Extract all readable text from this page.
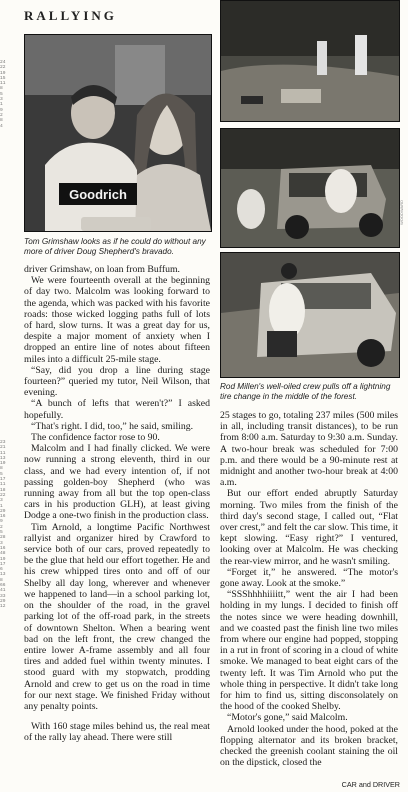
RALLYING
24
22
19
15
11
8
5
3
1
9
2
8
4
Goodrich
WOODWARD

Tom Grimshaw looks as if he could do without any more of driver Doug Shepherd's bravado.

Rod Millen's well-oiled crew pulls off a lightning tire change in the middle of the forest.

23
21
11
13
10
8
5
17
11
18
22
3
1
29
16
9
2
5
28
3
16
48
19
17
6
13
8
66
41
33
29
12

driver Grimshaw, on loan from Buffum.

We were fourteenth overall at the beginning of day two. Malcolm was looking forward to the agenda, which was packed with his favorite roads: those wicked logging paths full of lots of hard, slow turns. It was a great day for us, despite a major moment of anxiety when I dropped an entire line of notes about fifteen miles into a difficult 25-mile stage.

“Say, did you drop a line during stage fourteen?” queried my tutor, Neil Wilson, that evening.

“A bunch of lefts that weren't?” I asked hopefully.

“That's right. I did, too,” he said, smiling.

The confidence factor rose to 90.

Malcolm and I had finally clicked. We were now running a strong eleventh, third in our class, and we had every intention of, if not passing golden-boy Shepherd (who was running away from all but the top open-class cars in his production GLH), at least giving Dodge a one-two finish in the production class.

Tim Arnold, a longtime Pacific Northwest rallyist and organizer hired by Crawford to service both of our cars, proved repeatedly to be the glue that held our effort together. He and his crew whipped tires onto and off of our Shelby all day long, wherever and whenever we happened to land—in a school parking lot, on the shoulder of the road, in the gravel parking lot of the off-road park, in the streets of downtown Shelton. When a bearing went bad on the left front, the crew changed the entire lower A-frame assembly and all four tires and added fuel within twenty minutes. I stood guard with my stopwatch, prodding Arnold and crew to get us on the road in time for our next stage. We finished Friday without any penalty points.

With 160 stage miles behind us, the real meat of the rally lay ahead. There were still

25 stages to go, totaling 237 miles (500 miles in all, including transit distances), to be run from 8:00 a.m. Saturday to 9:30 a.m. Sunday. A two-hour break was scheduled for 7:00 p.m. and there would be a 90-minute rest at midnight and another two-hour break at 4:00 a.m.

But our effort ended abruptly Saturday morning. Two miles from the finish of the third day's second stage, I called out, “Flat over crest,” and felt the car slow. This time, it kept slowing. “Easy right?” I ventured, looking over at Malcolm. He was checking the rear-view mirror, and he wasn't smiling.

“Forget it,” he answered. “The motor's gone away. Look at the smoke.”

“SSShhhhiiiitt,” went the air I had been holding in my lungs. I decided to finish off the notes since we were heading downhill, and we coasted past the finish line two miles from where our engine had popped, stopping in a rut in front of scoring in a cloud of white smoke. We managed to beat eight cars of the twenty left. It was Tim Arnold who put the whole thing in perspective. It didn't take long for him to find us, sitting disconsolately on the hood of the cooked Shelby.

“Motor's gone,” said Malcolm.

Arnold looked under the hood, poked at the flopping alternator and its broken bracket, checked the greenish coolant staining the oil on the dipstick, closed the

CAR and DRIVER
